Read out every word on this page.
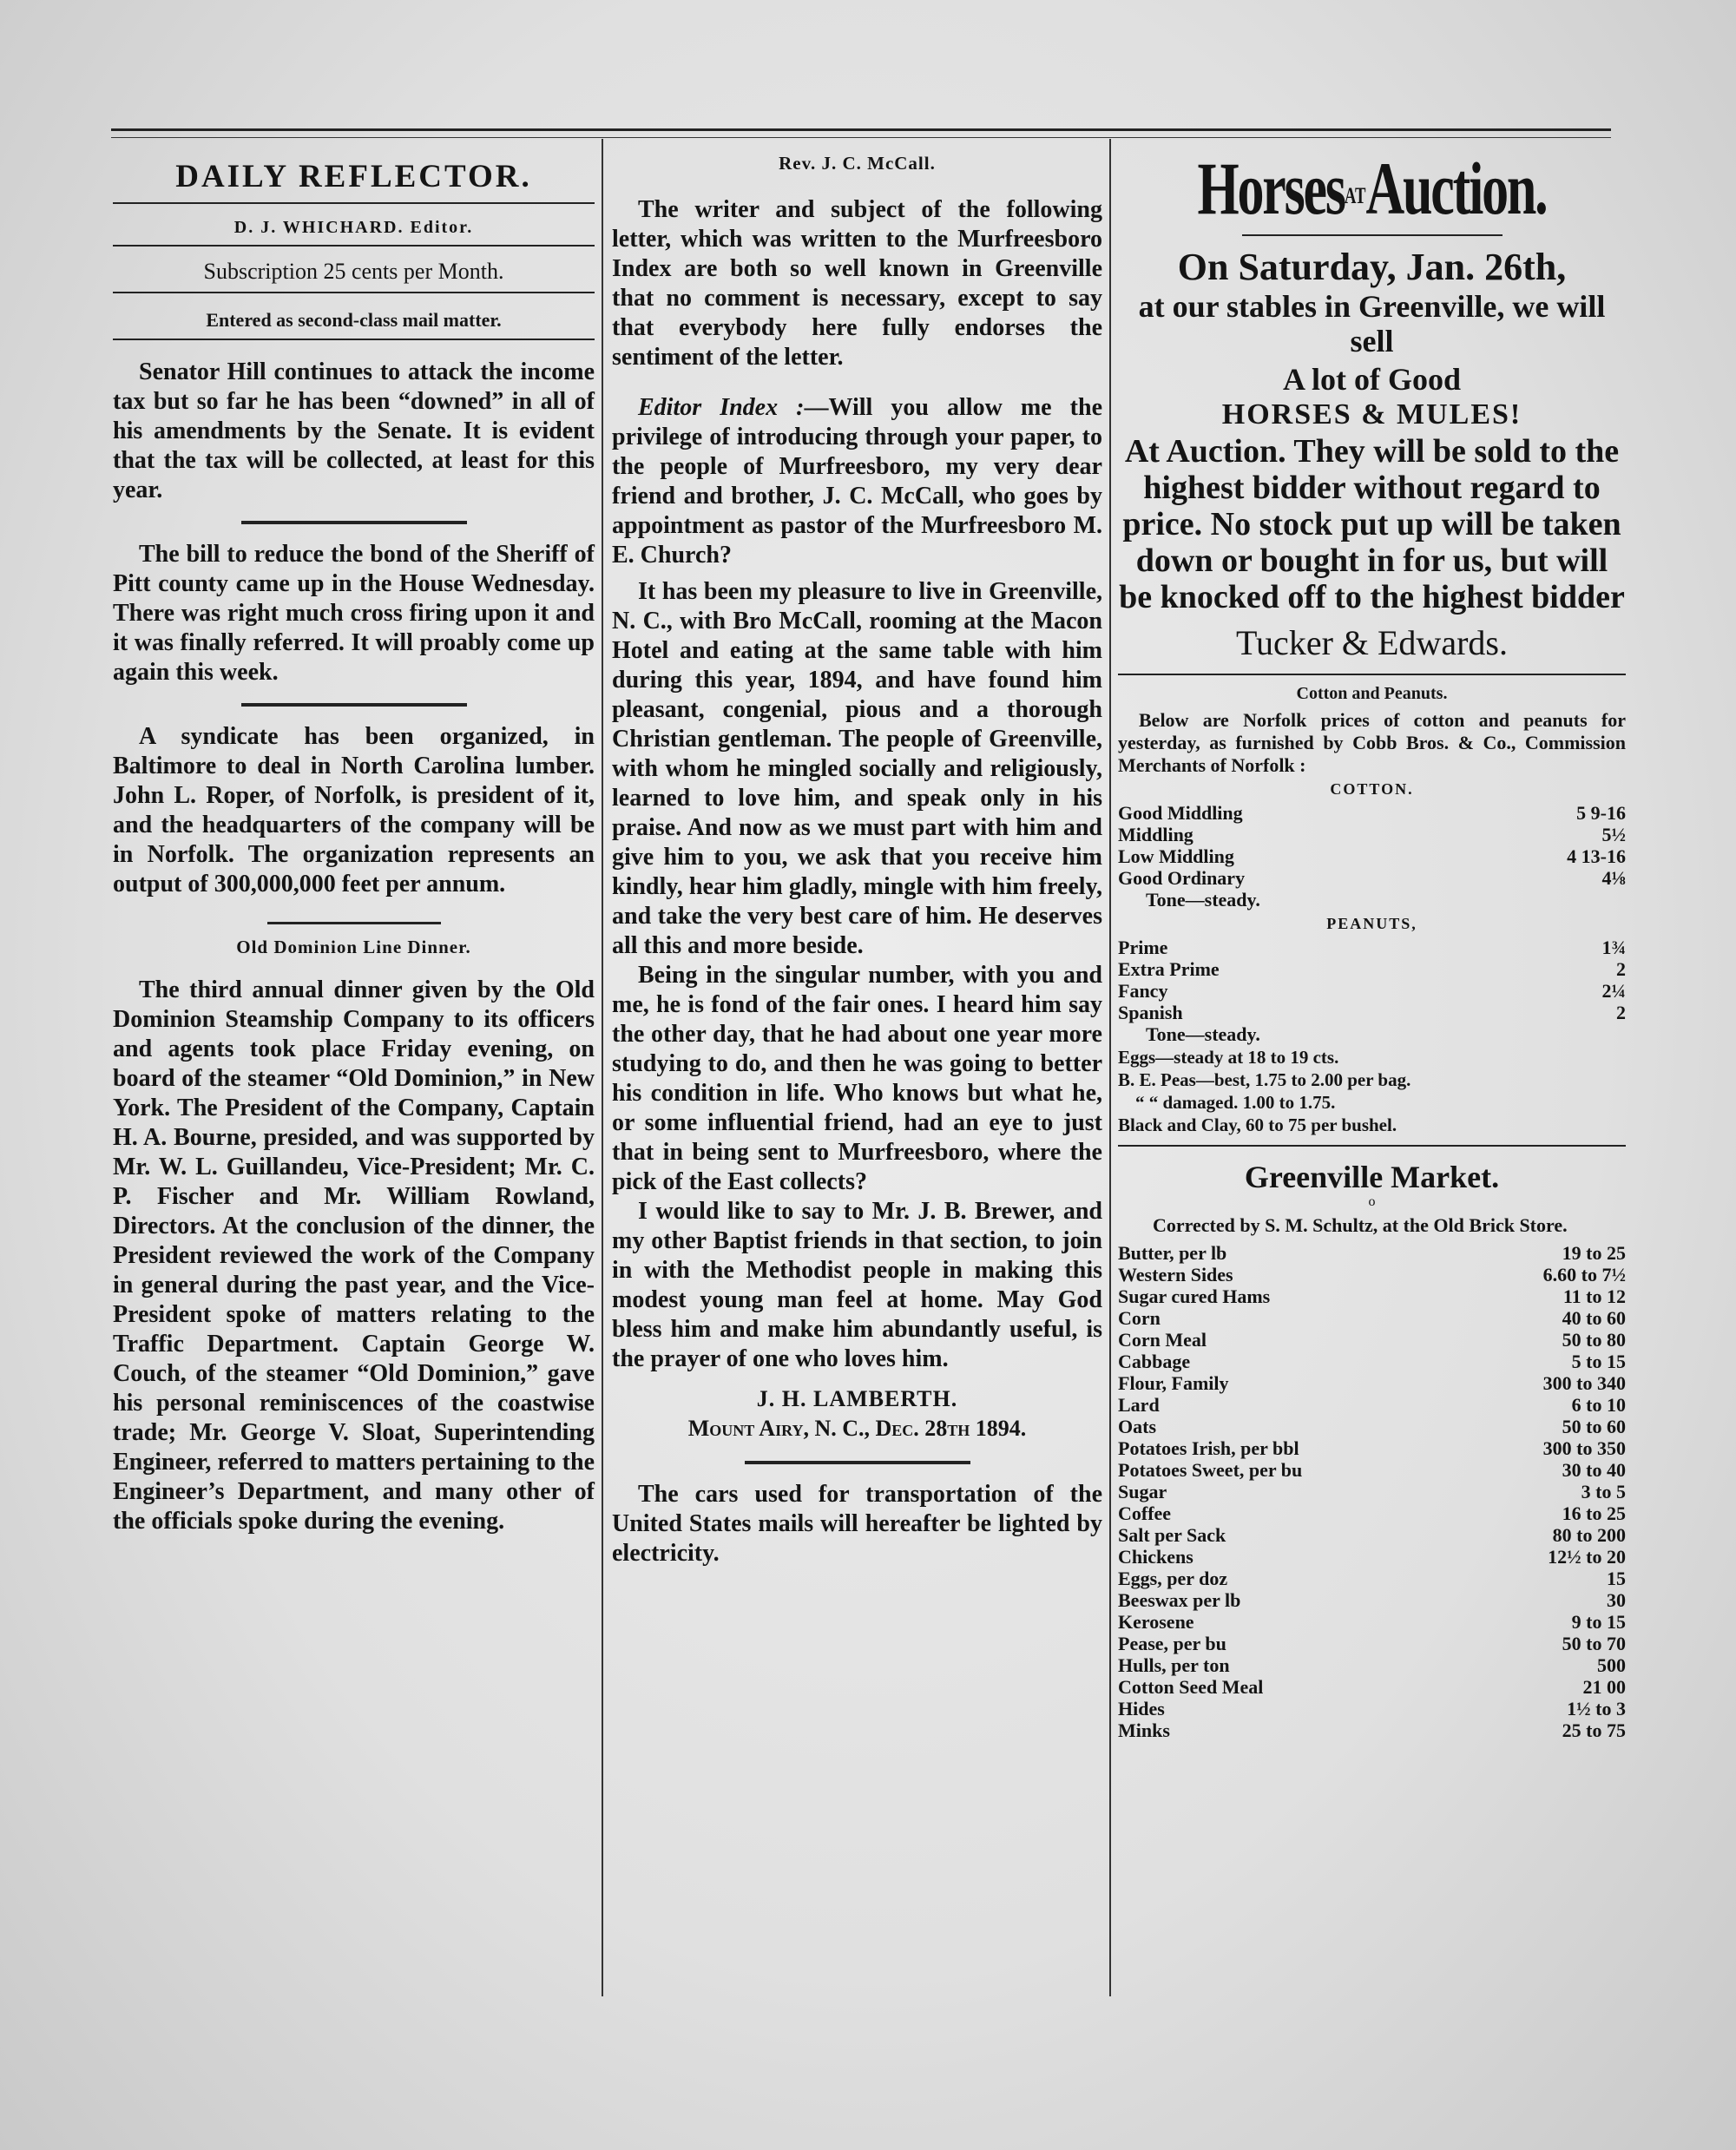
DAILY REFLECTOR.
D. J. WHICHARD. Editor.
Subscription 25 cents per Month.
Entered as second-class mail matter.

Senator Hill continues to attack the income tax but so far he has been “downed” in all of his amendments by the Senate. It is evident that the tax will be collected, at least for this year.

The bill to reduce the bond of the Sheriff of Pitt county came up in the House Wednesday. There was right much cross firing upon it and it was finally referred. It will proably come up again this week.

A syndicate has been organized, in Baltimore to deal in North Carolina lumber. John L. Roper, of Norfolk, is president of it, and the headquarters of the company will be in Norfolk. The organization represents an output of 300,000,000 feet per annum.

Old Dominion Line Dinner.

The third annual dinner given by the Old Dominion Steamship Company to its officers and agents took place Friday evening, on board of the steamer “Old Dominion,” in New York. The President of the Company, Captain H. A. Bourne, presided, and was supported by Mr. W. L. Guillandeu, Vice-President; Mr. C. P. Fischer and Mr. William Rowland, Directors. At the conclusion of the dinner, the President reviewed the work of the Company in general during the past year, and the Vice-President spoke of matters relating to the Traffic Department. Captain George W. Couch, of the steamer “Old Dominion,” gave his personal reminiscences of the coastwise trade; Mr. George V. Sloat, Superintending Engineer, referred to matters pertaining to the Engineer’s Department, and many other of the officials spoke during the evening.

Rev. J. C. McCall.

The writer and subject of the following letter, which was written to the Murfreesboro Index are both so well known in Greenville that no comment is necessary, except to say that everybody here fully endorses the sentiment of the letter.

Editor Index :—Will you allow me the privilege of introducing through your paper, to the people of Murfreesboro, my very dear friend and brother, J. C. McCall, who goes by appointment as pastor of the Murfreesboro M. E. Church?

It has been my pleasure to live in Greenville, N. C., with Bro McCall, rooming at the Macon Hotel and eating at the same table with him during this year, 1894, and have found him pleasant, congenial, pious and a thorough Christian gentleman. The people of Greenville, with whom he mingled socially and religiously, learned to love him, and speak only in his praise. And now as we must part with him and give him to you, we ask that you receive him kindly, hear him gladly, mingle with him freely, and take the very best care of him. He deserves all this and more beside.

Being in the singular number, with you and me, he is fond of the fair ones. I heard him say the other day, that he had about one year more studying to do, and then he was going to better his condition in life. Who knows but what he, or some influential friend, had an eye to just that in being sent to Murfreesboro, where the pick of the East collects?

I would like to say to Mr. J. B. Brewer, and my other Baptist friends in that section, to join in with the Methodist people in making this modest young man feel at home. May God bless him and make him abundantly useful, is the prayer of one who loves him.

J. H. LAMBERTH.
Mount Airy, N. C., Dec. 28th 1894.

The cars used for transportation of the United States mails will hereafter be lighted by electricity.

HorsesATAuction.
On Saturday, Jan. 26th,
at our stables in Greenville, we will sell
A lot of Good
HORSES & MULES!
At Auction. They will be sold to the highest bidder without regard to price. No stock put up will be taken down or bought in for us, but will be knocked off to the highest bidder
Tucker & Edwards.
Cotton and Peanuts.

Below are Norfolk prices of cotton and peanuts for yesterday, as furnished by Cobb Bros. & Co., Commission Merchants of Norfolk :

COTTON.
Good Middling	5 9-16
Middling	5½
Low Middling	4 13-16
Good Ordinary	4⅛
Tone—steady.
PEANUTS,
Prime	1¾
Extra Prime	2
Fancy	2¼
Spanish	2
Tone—steady.
Eggs—steady at 18 to 19 cts.
B. E. Peas—best, 1.75 to 2.00 per bag.
“ “ damaged. 1.00 to 1.75.
Black and Clay, 60 to 75 per bushel.
Greenville Market.
o

Corrected by S. M. Schultz, at the Old Brick Store.

Butter, per lb	19 to 25
Western Sides	6.60 to 7½
Sugar cured Hams	11 to 12
Corn	40 to 60
Corn Meal	50 to 80
Cabbage	5 to 15
Flour, Family	300 to 340
Lard	6 to 10
Oats	50 to 60
Potatoes Irish, per bbl	300 to 350
Potatoes Sweet, per bu	30 to 40
Sugar	3 to 5
Coffee	16 to 25
Salt per Sack	80 to 200
Chickens	12½ to 20
Eggs, per doz	15
Beeswax per lb	30
Kerosene	9 to 15
Pease, per bu	50 to 70
Hulls, per ton	500
Cotton Seed Meal	21 00
Hides	1½ to 3
Minks	25 to 75
